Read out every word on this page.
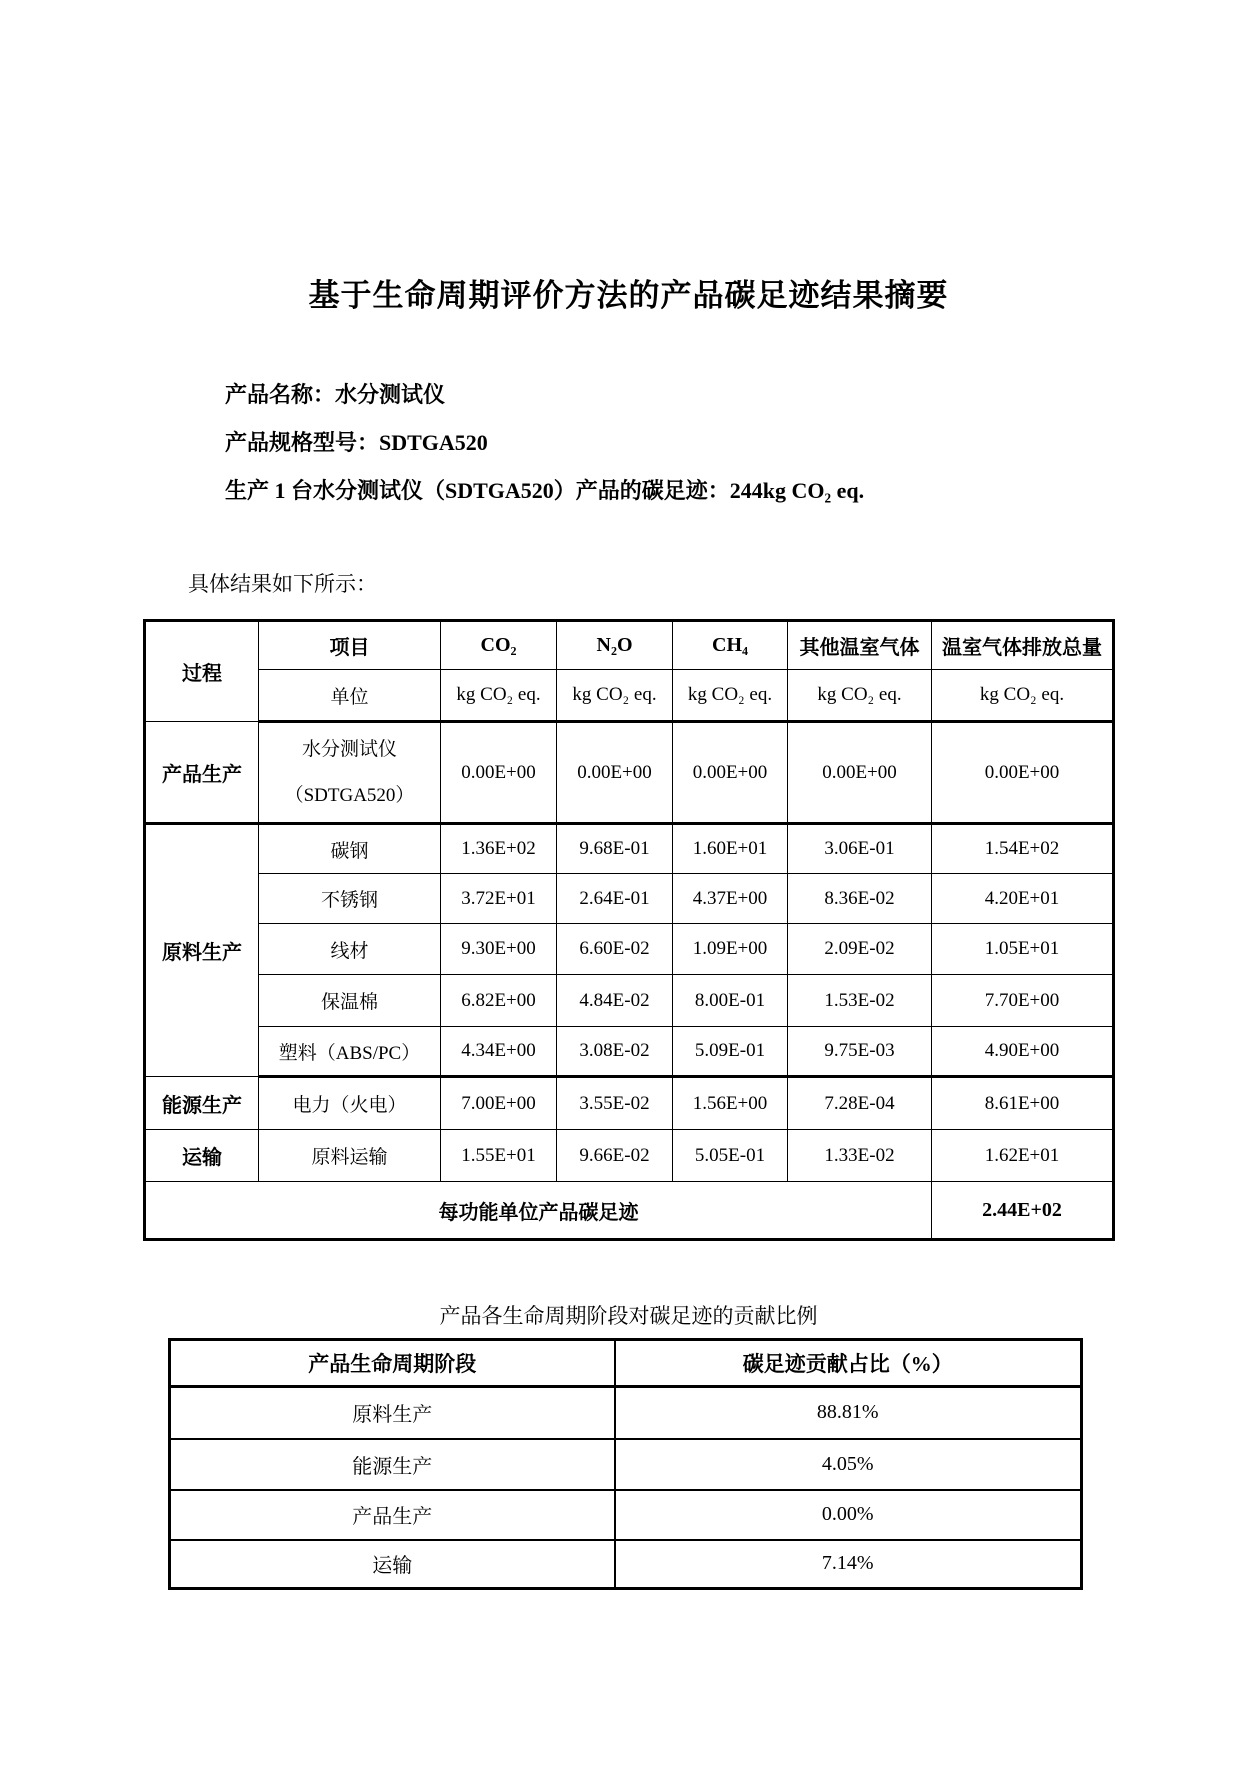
基于生命周期评价方法的产品碳足迹结果摘要

产品名称：水分测试仪

产品规格型号：SDTGA520

生产 1 台水分测试仪（SDTGA520）产品的碳足迹：244kg CO₂ eq.

具体结果如下所示：
过程	项目	CO₂	N₂O	CH₄	其他温室气体	温室气体排放总量
	单位	kg CO₂ eq.	kg CO₂ eq.	kg CO₂ eq.	kg CO₂ eq.	kg CO₂ eq.
产品生产	水分测试仪
（SDTGA520）	0.00E+00	0.00E+00	0.00E+00	0.00E+00	0.00E+00
原料生产	碳钢	1.36E+02	9.68E-01	1.60E+01	3.06E-01	1.54E+02
	不锈钢	3.72E+01	2.64E-01	4.37E+00	8.36E-02	4.20E+01
	线材	9.30E+00	6.60E-02	1.09E+00	2.09E-02	1.05E+01
	保温棉	6.82E+00	4.84E-02	8.00E-01	1.53E-02	7.70E+00
	塑料（ABS/PC）	4.34E+00	3.08E-02	5.09E-01	9.75E-03	4.90E+00
能源生产	电力（火电）	7.00E+00	3.55E-02	1.56E+00	7.28E-04	8.61E+00
运输	原料运输	1.55E+01	9.66E-02	5.05E-01	1.33E-02	1.62E+01
每功能单位产品碳足迹						2.44E+02
产品各生命周期阶段对碳足迹的贡献比例
产品生命周期阶段	碳足迹贡献占比（%）
原料生产	88.81%
能源生产	4.05%
产品生产	0.00%
运输	7.14%
